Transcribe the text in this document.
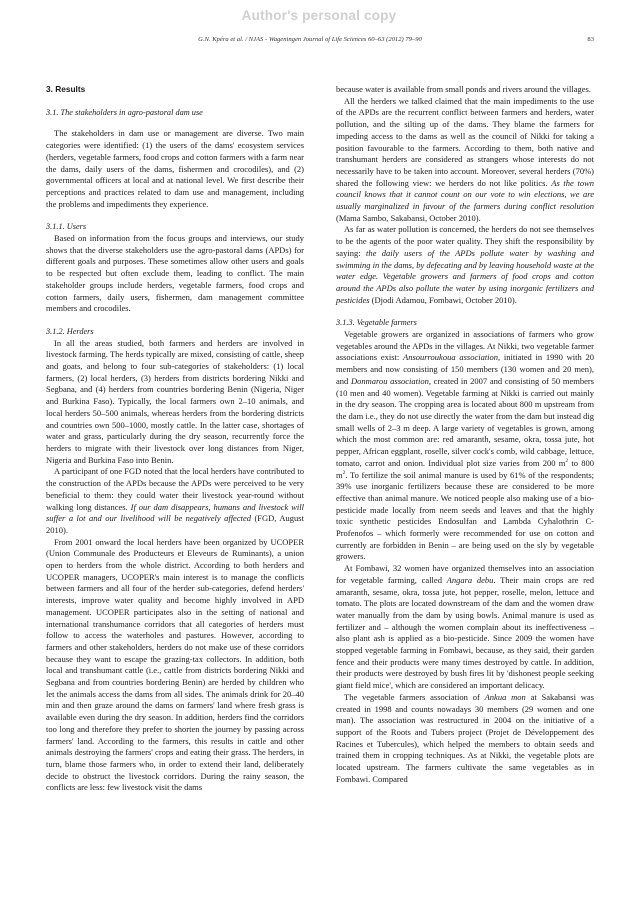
Author's personal copy
G.N. Kpéra et al. / NJAS - Wageningen Journal of Life Sciences 60–63 (2012) 79–90	83
3. Results
3.1. The stakeholders in agro-pastoral dam use

The stakeholders in dam use or management are diverse. Two main categories were identified: (1) the users of the dams' ecosystem services (herders, vegetable farmers, food crops and cotton farmers with a farm near the dams, daily users of the dams, fishermen and crocodiles), and (2) governmental officers at local and at national level. We first describe their perceptions and practices related to dam use and management, including the problems and impediments they experience.

3.1.1. Users

Based on information from the focus groups and interviews, our study shows that the diverse stakeholders use the agro-pastoral dams (APDs) for different goals and purposes. These sometimes allow other users and goals to be respected but often exclude them, leading to conflict. The main stakeholder groups include herders, vegetable farmers, food crops and cotton farmers, daily users, fishermen, dam management committee members and crocodiles.

3.1.2. Herders

In all the areas studied, both farmers and herders are involved in livestock farming. The herds typically are mixed, consisting of cattle, sheep and goats, and belong to four sub-categories of stakeholders: (1) local farmers, (2) local herders, (3) herders from districts bordering Nikki and Segbana, and (4) herders from countries bordering Benin (Nigeria, Niger and Burkina Faso). Typically, the local farmers own 2–10 animals, and local herders 50–500 animals, whereas herders from the bordering districts and countries own 500–1000, mostly cattle. In the latter case, shortages of water and grass, particularly during the dry season, recurrently force the herders to migrate with their livestock over long distances from Niger, Nigeria and Burkina Faso into Benin.

A participant of one FGD noted that the local herders have contributed to the construction of the APDs because the APDs were perceived to be very beneficial to them: they could water their livestock year-round without walking long distances. If our dam disappears, humans and livestock will suffer a lot and our livelihood will be negatively affected (FGD, August 2010).

From 2001 onward the local herders have been organized by UCOPER (Union Communale des Producteurs et Eleveurs de Ruminants), a union open to herders from the whole district. According to both herders and UCOPER managers, UCOPER's main interest is to manage the conflicts between farmers and all four of the herder sub-categories, defend herders' interests, improve water quality and become highly involved in APD management. UCOPER participates also in the setting of national and international transhumance corridors that all categories of herders must follow to access the waterholes and pastures. However, according to farmers and other stakeholders, herders do not make use of these corridors because they want to escape the grazing-tax collectors. In addition, both local and transhumant cattle (i.e., cattle from districts bordering Nikki and Segbana and from countries bordering Benin) are herded by children who let the animals access the dams from all sides. The animals drink for 20–40 min and then graze around the dams on farmers' land where fresh grass is available even during the dry season. In addition, herders find the corridors too long and therefore they prefer to shorten the journey by passing across farmers' land. According to the farmers, this results in cattle and other animals destroying the farmers' crops and eating their grass. The herders, in turn, blame those farmers who, in order to extend their land, deliberately decide to obstruct the livestock corridors. During the rainy season, the conflicts are less: few livestock visit the dams

because water is available from small ponds and rivers around the villages.

All the herders we talked claimed that the main impediments to the use of the APDs are the recurrent conflict between farmers and herders, water pollution, and the silting up of the dams. They blame the farmers for impeding access to the dams as well as the council of Nikki for taking a position favourable to the farmers. According to them, both native and transhumant herders are considered as strangers whose interests do not necessarily have to be taken into account. Moreover, several herders (70%) shared the following view: we herders do not like politics. As the town council knows that it cannot count on our vote to win elections, we are usually marginalized in favour of the farmers during conflict resolution (Mama Sambo, Sakabansi, October 2010).

As far as water pollution is concerned, the herders do not see themselves to be the agents of the poor water quality. They shift the responsibility by saying: the daily users of the APDs pollute water by washing and swimming in the dams, by defecating and by leaving household waste at the water edge. Vegetable growers and farmers of food crops and cotton around the APDs also pollute the water by using inorganic fertilizers and pesticides (Djodi Adamou, Fombawi, October 2010).

3.1.3. Vegetable farmers

Vegetable growers are organized in associations of farmers who grow vegetables around the APDs in the villages. At Nikki, two vegetable farmer associations exist: Ansourroukoua association, initiated in 1990 with 20 members and now consisting of 150 members (130 women and 20 men), and Donmarou association, created in 2007 and consisting of 50 members (10 men and 40 women). Vegetable farming at Nikki is carried out mainly in the dry season. The cropping area is located about 800 m upstream from the dam i.e., they do not use directly the water from the dam but instead dig small wells of 2–3 m deep. A large variety of vegetables is grown, among which the most common are: red amaranth, sesame, okra, tossa jute, hot pepper, African eggplant, roselle, silver cock's comb, wild cabbage, lettuce, tomato, carrot and onion. Individual plot size varies from 200 $m^2$ to 800 $m^2$. To fertilize the soil animal manure is used by 61% of the respondents; 39% use inorganic fertilizers because these are considered to be more effective than animal manure. We noticed people also making use of a bio-pesticide made locally from neem seeds and leaves and that the highly toxic synthetic pesticides Endosulfan and Lambda Cyhalothrin C-Profenofos – which formerly were recommended for use on cotton and currently are forbidden in Benin – are being used on the sly by vegetable growers.

At Fombawi, 32 women have organized themselves into an association for vegetable farming, called Angara debu. Their main crops are red amaranth, sesame, okra, tossa jute, hot pepper, roselle, melon, lettuce and tomato. The plots are located downstream of the dam and the women draw water manually from the dam by using bowls. Animal manure is used as fertilizer and – although the women complain about its ineffectiveness – also plant ash is applied as a bio-pesticide. Since 2009 the women have stopped vegetable farming in Fombawi, because, as they said, their garden fence and their products were many times destroyed by cattle. In addition, their products were destroyed by bush fires lit by 'dishonest people seeking giant field mice', which are considered an important delicacy.

The vegetable farmers association of Ankua mon at Sakabansi was created in 1998 and counts nowadays 30 members (29 women and one man). The association was restructured in 2004 on the initiative of a support of the Roots and Tubers project (Projet de Développement des Racines et Tubercules), which helped the members to obtain seeds and trained them in cropping techniques. As at Nikki, the vegetable plots are located upstream. The farmers cultivate the same vegetables as in Fombawi. Compared
